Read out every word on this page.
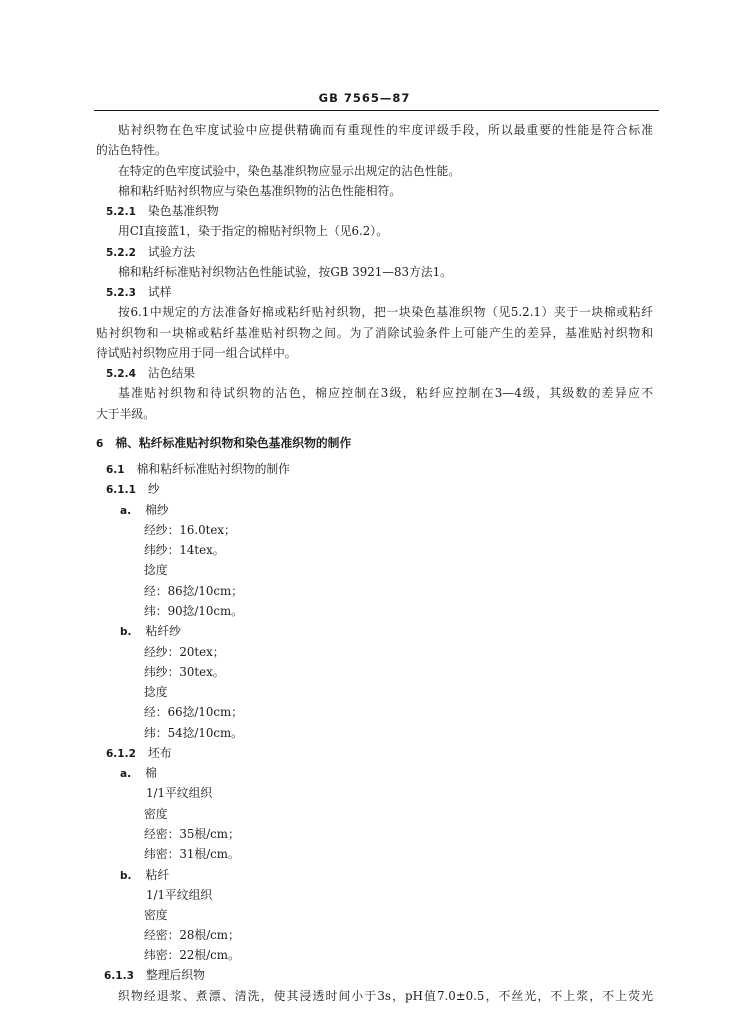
GB 7565—87
贴衬织物在色牢度试验中应提供精确而有重现性的牢度评级手段，所以最重要的性能是符合标准
的沾色特性。
在特定的色牢度试验中，染色基准织物应显示出规定的沾色性能。
棉和粘纤贴衬织物应与染色基准织物的沾色性能相符。
5.2.1 染色基准织物
用CI直接蓝1，染于指定的棉贴衬织物上（见6.2）。
5.2.2 试验方法
棉和粘纤标准贴衬织物沾色性能试验，按GB 3921—83方法1。
5.2.3 试样
按6.1中规定的方法准备好棉或粘纤贴衬织物，把一块染色基准织物（见5.2.1）夹于一块棉或粘纤
贴衬织物和一块棉或粘纤基准贴衬织物之间。为了消除试验条件上可能产生的差异，基准贴衬织物和
待试贴衬织物应用于同一组合试样中。
5.2.4 沾色结果
基准贴衬织物和待试织物的沾色，棉应控制在3级，粘纤应控制在3—4级，其级数的差异应不
大于半级。
6 棉、粘纤标准贴衬织物和染色基准织物的制作
6.1 棉和粘纤标准贴衬织物的制作
6.1.1 纱
a. 棉纱
经纱：16.0tex；
纬纱：14tex。
捻度
经：86捻/10cm；
纬：90捻/10cm。
b. 粘纤纱
经纱：20tex；
纬纱：30tex。
捻度
经：66捻/10cm；
纬：54捻/10cm。
6.1.2 坯布
a. 棉
1/1平纹组织
密度
经密：35根/cm；
纬密：31根/cm。
b. 粘纤
1/1平纹组织
密度
经密：28根/cm；
纬密：22根/cm。
6.1.3 整理后织物
织物经退浆、煮漂、清洗，使其浸透时间小于3s，pH值7.0±0.5，不丝光，不上浆，不上荧光
